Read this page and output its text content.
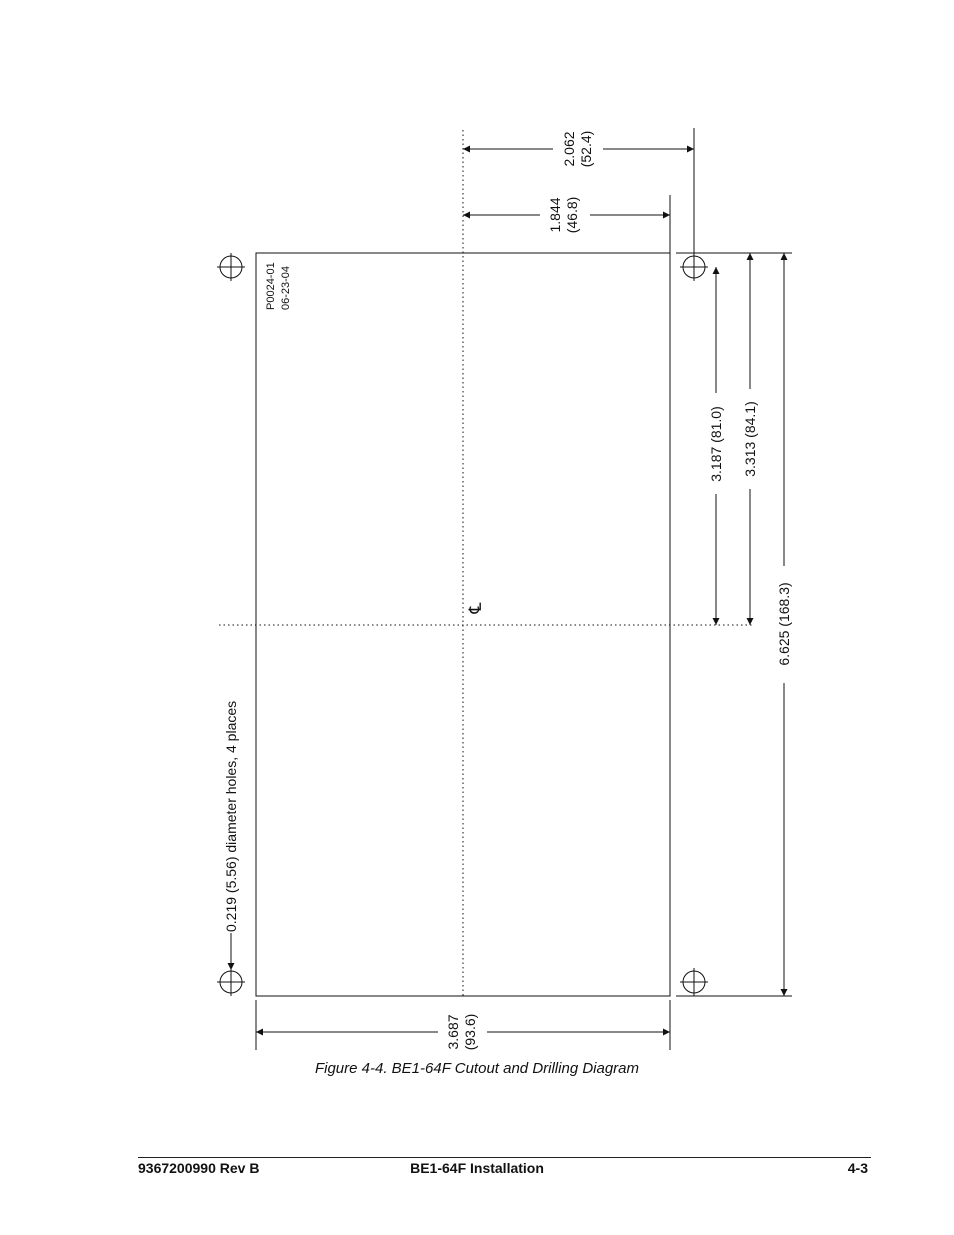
0.219 (5.56) diameter holes, 4 places
P0024-01 06-23-04
℄
2.062 (52.4)
1.844 (46.8)
3.187 (81.0) 3.313 (84.1)
6.625 (168.3)
3.687 (93.6)
Figure 4-4. BE1-64F Cutout and Drilling Diagram
9367200990 Rev B	BE1-64F Installation	4-3
